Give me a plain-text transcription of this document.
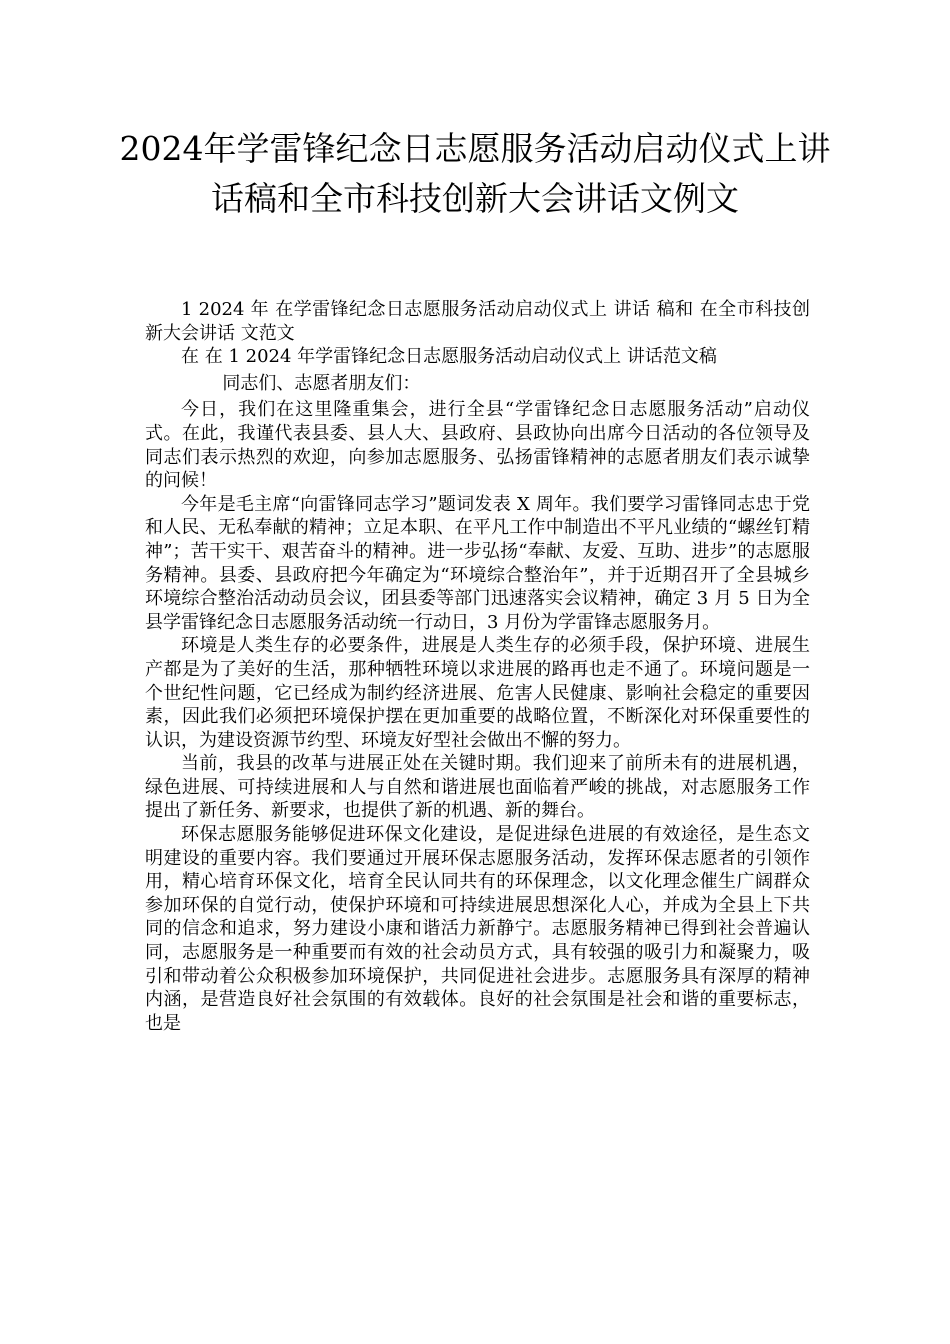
2024年学雷锋纪念日志愿服务活动启动仪式上讲话稿和全市科技创新大会讲话文例文

1 2024 年 在学雷锋纪念日志愿服务活动启动仪式上 讲话 稿和 在全市科技创新大会讲话 文范文

在 在 1 2024 年学雷锋纪念日志愿服务活动启动仪式上 讲话范文稿

同志们、志愿者朋友们：

今日，我们在这里隆重集会，进行全县“学雷锋纪念日志愿服务活动”启动仪式。在此，我谨代表县委、县人大、县政府、县政协向出席今日活动的各位领导及同志们表示热烈的欢迎，向参加志愿服务、弘扬雷锋精神的志愿者朋友们表示诚挚的问候！

今年是毛主席“向雷锋同志学习”题词发表 X 周年。我们要学习雷锋同志忠于党和人民、无私奉献的精神；立足本职、在平凡工作中制造出不平凡业绩的“螺丝钉精神”；苦干实干、艰苦奋斗的精神。进一步弘扬“奉献、友爱、互助、进步”的志愿服务精神。县委、县政府把今年确定为“环境综合整治年”，并于近期召开了全县城乡环境综合整治活动动员会议，团县委等部门迅速落实会议精神，确定 3 月 5 日为全县学雷锋纪念日志愿服务活动统一行动日，3 月份为学雷锋志愿服务月。

环境是人类生存的必要条件，进展是人类生存的必须手段，保护环境、进展生产都是为了美好的生活，那种牺牲环境以求进展的路再也走不通了。环境问题是一个世纪性问题，它已经成为制约经济进展、危害人民健康、影响社会稳定的重要因素，因此我们必须把环境保护摆在更加重要的战略位置，不断深化对环保重要性的认识，为建设资源节约型、环境友好型社会做出不懈的努力。

当前，我县的改革与进展正处在关键时期。我们迎来了前所未有的进展机遇，绿色进展、可持续进展和人与自然和谐进展也面临着严峻的挑战，对志愿服务工作提出了新任务、新要求，也提供了新的机遇、新的舞台。

环保志愿服务能够促进环保文化建设，是促进绿色进展的有效途径，是生态文明建设的重要内容。我们要通过开展环保志愿服务活动，发挥环保志愿者的引领作用，精心培育环保文化，培育全民认同共有的环保理念，以文化理念催生广阔群众参加环保的自觉行动，使保护环境和可持续进展思想深化人心，并成为全县上下共同的信念和追求，努力建设小康和谐活力新静宁。志愿服务精神已得到社会普遍认同，志愿服务是一种重要而有效的社会动员方式，具有较强的吸引力和凝聚力，吸引和带动着公众积极参加环境保护，共同促进社会进步。志愿服务具有深厚的精神内涵，是营造良好社会氛围的有效载体。良好的社会氛围是社会和谐的重要标志，也是
